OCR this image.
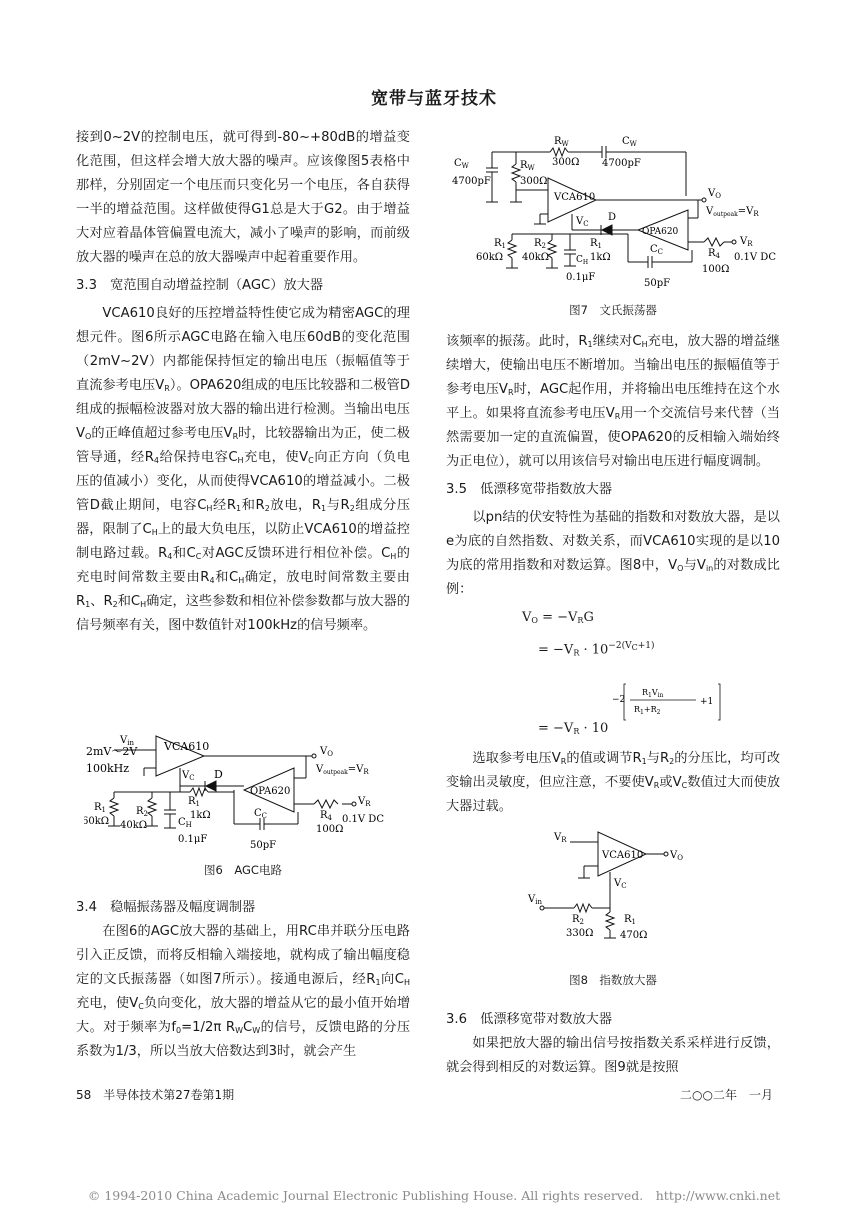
宽带与蓝牙技术

接到0~2V的控制电压，就可得到-80~+80dB的增益变化范围，但这样会增大放大器的噪声。应该像图5表格中那样，分别固定一个电压而只变化另一个电压，各自获得一半的增益范围。这样做使得G1总是大于G2。由于增益大对应着晶体管偏置电流大，减小了噪声的影响，而前级放大器的噪声在总的放大器噪声中起着重要作用。

3.3　宽范围自动增益控制（AGC）放大器

VCA610良好的压控增益特性使它成为精密AGC的理想元件。图6所示AGC电路在输入电压60dB的变化范围（2mV~2V）内都能保持恒定的输出电压（振幅值等于直流参考电压$V_R$）。OPA620组成的电压比较器和二极管D组成的振幅检波器对放大器的输出进行检测。当输出电压$V_O$的正峰值超过参考电压$V_R$时，比较器输出为正，使二极管导通，经$R_4$给保持电容$C_H$充电，使$V_C$向正方向（负电压的值减小）变化，从而使得VCA610的增益减小。二极管D截止期间，电容$C_H$经$R_1$和$R_2$放电，$R_1$与$R_2$组成分压器，限制了$C_H$上的最大负电压，以防止VCA610的增益控制电路过载。$R_4$和$C_C$对AGC反馈环进行相位补偿。$C_H$的充电时间常数主要由$R_4$和$C_H$确定，放电时间常数主要由$R_1$、$R_2$和$C_H$确定，这些参数和相位补偿参数都与放大器的信号频率有关，图中数值针对100kHz的信号频率。

VCA610
$V_{in}$
2mV～2V
100kHz
$V_C$ D
$V_O$
$V_{outpeak}=V_R$
OPA620
$R_1$
1kΩ
$R_1$
60kΩ
$R_2$
40kΩ	$C_H$
0.1μF
$C_C$
50pF
$R_4$
100Ω
$V_R$
0.1V DC
图6　AGC电路

3.4　稳幅振荡器及幅度调制器

在图6的AGC放大器的基础上，用RC串并联分压电路引入正反馈，而将反相输入端接地，就构成了输出幅度稳定的文氏振荡器（如图7所示）。接通电源后，经$R_1$向$C_H$充电，使$V_C$负向变化，放大器的增益从它的最小值开始增大。对于频率为$f_0=1/2\pi$ $R_WC_W$的信号，反馈电路的分压系数为1/3，所以当放大倍数达到3时，就会产生

$R_W$
300Ω
$C_W$
4700pF
$C_W$
4700pF
$R_W$
300Ω
VCA610	$V_O$
$V_{outpeak}=V_R$
$V_C$
D
OPA620
$R_1$
60kΩ
$R_2$
40kΩ
$R_1$
1kΩ
$C_H$
0.1μF
$C_C$
50pF
$R_4$
100Ω
$V_R$
0.1V DC
图7　文氏振荡器

该频率的振荡。此时，$R_1$继续对$C_H$充电，放大器的增益继续增大，使输出电压不断增加。当输出电压的振幅值等于参考电压$V_R$时，AGC起作用，并将输出电压维持在这个水平上。如果将直流参考电压$V_R$用一个交流信号来代替（当然需要加一定的直流偏置，使OPA620的反相输入端始终为正电位），就可以用该信号对输出电压进行幅度调制。

3.5　低漂移宽带指数放大器

以pn结的伏安特性为基础的指数和对数放大器，是以e为底的自然指数、对数关系，而VCA610实现的是以10为底的常用指数和对数运算。图8中，$V_O$与$V_{in}$的对数成比例：

$V_O = -V_RG$
= $-V_R \cdot 10^{-2(V_C+1)}$
= $-V_R \cdot 10$
−2
$R_1V_{in}$
$R_1+R_2$
+1

选取参考电压$V_R$的值或调节$R_1$与$R_2$的分压比，均可改变输出灵敏度，但应注意，不要使$V_R$或$V_C$数值过大而使放大器过载。

$V_R$
VCA610	$V_O$
$V_C$
$V_{in}$
$R_2$
330Ω
$R_1$
470Ω
图8　指数放大器

3.6　低漂移宽带对数放大器

如果把放大器的输出信号按指数关系采样进行反馈，就会得到相反的对数运算。图9就是按照

58　半导体技术第27卷第1期	二○○二年　一月
© 1994-2010 China Academic Journal Electronic Publishing House. All rights reserved.　http://www.cnki.net
